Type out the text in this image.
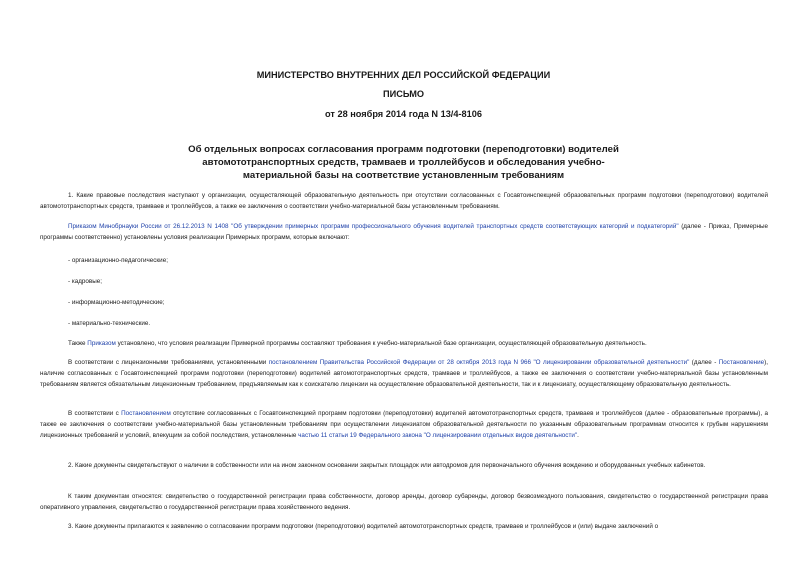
МИНИСТЕРСТВО ВНУТРЕННИХ ДЕЛ РОССИЙСКОЙ ФЕДЕРАЦИИ
ПИСЬМО
от 28 ноября 2014 года N 13/4-8106
Об отдельных вопросах согласования программ подготовки (переподготовки) водителей автомототранспортных средств, трамваев и троллейбусов и обследования учебно-материальной базы на соответствие установленным требованиям
1. Какие правовые последствия наступают у организации, осуществляющей образовательную деятельность при отсутствии согласованных с Госавтоинспекцией образовательных программ подготовки (переподготовки) водителей автомототранспортных средств, трамваев и троллейбусов, а также ее заключения о соответствии учебно-материальной базы установленным требованиям.
Приказом Минобрнауки России от 26.12.2013 N 1408 "Об утверждении примерных программ профессионального обучения водителей транспортных средств соответствующих категорий и подкатегорий" (далее - Приказ, Примерные программы соответственно) установлены условия реализации Примерных программ, которые включают:
- организационно-педагогические;
- кадровые;
- информационно-методические;
- материально-технические.
Также Приказом установлено, что условия реализации Примерной программы составляют требования к учебно-материальной базе организации, осуществляющей образовательную деятельность.
В соответствии с лицензионными требованиями, установленными постановлением Правительства Российской Федерации от 28 октября 2013 года N 966 "О лицензировании образовательной деятельности" (далее - Постановление), наличие согласованных с Госавтоинспекцией программ подготовки (переподготовки) водителей автомототранспортных средств, трамваев и троллейбусов, а также ее заключения о соответствии учебно-материальной базы установленным требованиям является обязательным лицензионным требованием, предъявляемым как к соискателю лицензии на осуществление образовательной деятельности, так и к лицензиату, осуществляющему образовательную деятельность.
В соответствии с Постановлением отсутствие согласованных с Госавтоинспекцией программ подготовки (переподготовки) водителей автомототранспортных средств, трамваев и троллейбусов (далее - образовательные программы), а также ее заключения о соответствии учебно-материальной базы установленным требованиям при осуществлении лицензиатом образовательной деятельности по указанным образовательным программам относится к грубым нарушениям лицензионных требований и условий, влекущим за собой последствия, установленные частью 11 статьи 19 Федерального закона "О лицензировании отдельных видов деятельности".
2. Какие документы свидетельствуют о наличии в собственности или на ином законном основании закрытых площадок или автодромов для первоначального обучения вождению и оборудованных учебных кабинетов.
К таким документам относятся: свидетельство о государственной регистрации права собственности, договор аренды, договор субаренды, договор безвозмездного пользования, свидетельство о государственной регистрации права оперативного управления, свидетельство о государственной регистрации права хозяйственного ведения.
3. Какие документы прилагаются к заявлению о согласовании программ подготовки (переподготовки) водителей автомототранспортных средств, трамваев и троллейбусов и (или) выдаче заключений о
